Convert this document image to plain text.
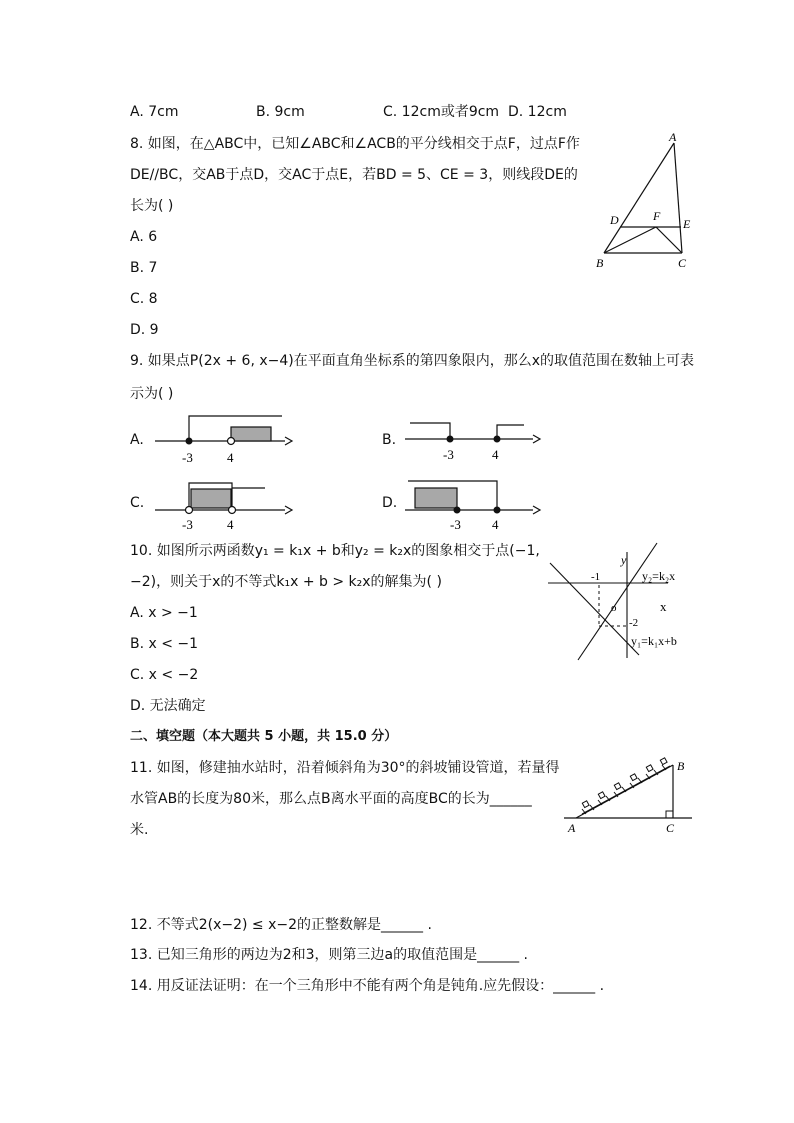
A. 7cm	B. 9cm	C. 12cm或者9cm D. 12cm
8. 如图，在△ABC中，已知∠ABC和∠ACB的平分线相交于点F，过点F作
DE//BC，交AB于点D，交AC于点E，若BD = 5、CE = 3，则线段DE的
长为( )
A. 6
B. 7
C. 8
D. 9
A
B	C
D	E
F
9. 如果点P(2x + 6, x−4)在平面直角坐标系的第四象限内，那么x的取值范围在数轴上可表
示为( )
A.
-3	4
B.
-3	4
C.
-3	4
D.
-3 4
10. 如图所示两函数y₁ = k₁x + b和y₂ = k₂x的图象相交于点(−1,
−2)，则关于x的不等式k₁x + b > k₂x的解集为( )
A. x > −1
B. x < −1
C. x < −2
D. 无法确定
y
x
o
-1
-2
y₂=k₂x
y₁=k₁x+b
二、填空题（本大题共 5 小题，共 15.0 分）
11. 如图，修建抽水站时，沿着倾斜角为30°的斜坡铺设管道，若量得
水管AB的长度为80米，那么点B离水平面的高度BC的长为______
米.	A
B
C
12. 不等式2(x−2) ≤ x−2的正整数解是______ .
13. 已知三角形的两边为2和3，则第三边a的取值范围是______ .
14. 用反证法证明：在一个三角形中不能有两个角是钝角.应先假设：______ .
